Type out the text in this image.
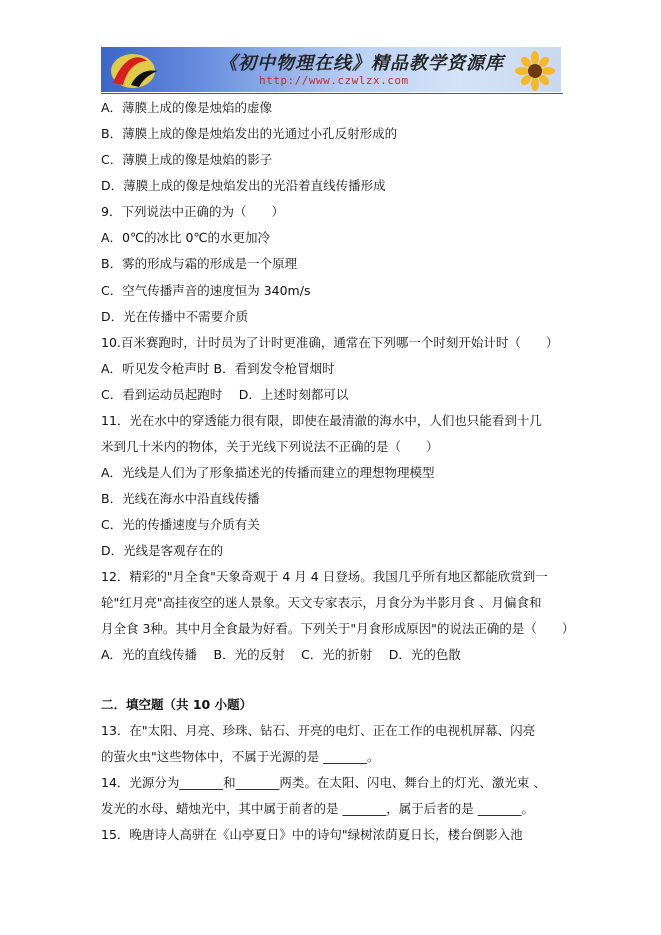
《初中物理在线》精品教学资源库
http://www.czwlzx.com
A．薄膜上成的像是烛焰的虚像
B．薄膜上成的像是烛焰发出的光通过小孔反射形成的
C．薄膜上成的像是烛焰的影子
D．薄膜上成的像是烛焰发出的光沿着直线传播形成
9．下列说法中正确的为（　　）
A．0℃的冰比 0℃的水更加冷
B．雾的形成与霜的形成是一个原理
C．空气传播声音的速度恒为 340m/s
D．光在传播中不需要介质
10.百米赛跑时，计时员为了计时更准确，通常在下列哪一个时刻开始计时（　　）
A．听见发令枪声时 B．看到发令枪冒烟时
C．看到运动员起跑时　 D．上述时刻都可以
11．光在水中的穿透能力很有限，即使在最清澈的海水中，人们也只能看到十几
米到几十米内的物体，关于光线下列说法不正确的是（　　）
A．光线是人们为了形象描述光的传播而建立的理想物理模型
B．光线在海水中沿直线传播
C．光的传播速度与介质有关
D．光线是客观存在的
12．精彩的"月全食"天象奇观于 4 月 4 日登场。我国几乎所有地区都能欣赏到一
轮"红月亮"高挂夜空的迷人景象。天文专家表示，月食分为半影月食 、月偏食和
月全食 3种。其中月全食最为好看。下列关于"月食形成原因"的说法正确的是（　　）
A．光的直线传播　 B．光的反射　 C．光的折射　 D．光的色散
二．填空题（共 10 小题）
13．在"太阳、月亮、珍珠、钻石、开亮的电灯、正在工作的电视机屏幕、闪亮
的萤火虫"这些物体中，不属于光源的是 _______。
14．光源分为_______和_______两类。在太阳、闪电、舞台上的灯光、激光束 、
发光的水母、蜡烛光中，其中属于前者的是 _______，属于后者的是 _______。
15．晚唐诗人高骈在《山亭夏日》中的诗句"绿树浓荫夏日长，楼台倒影入池
